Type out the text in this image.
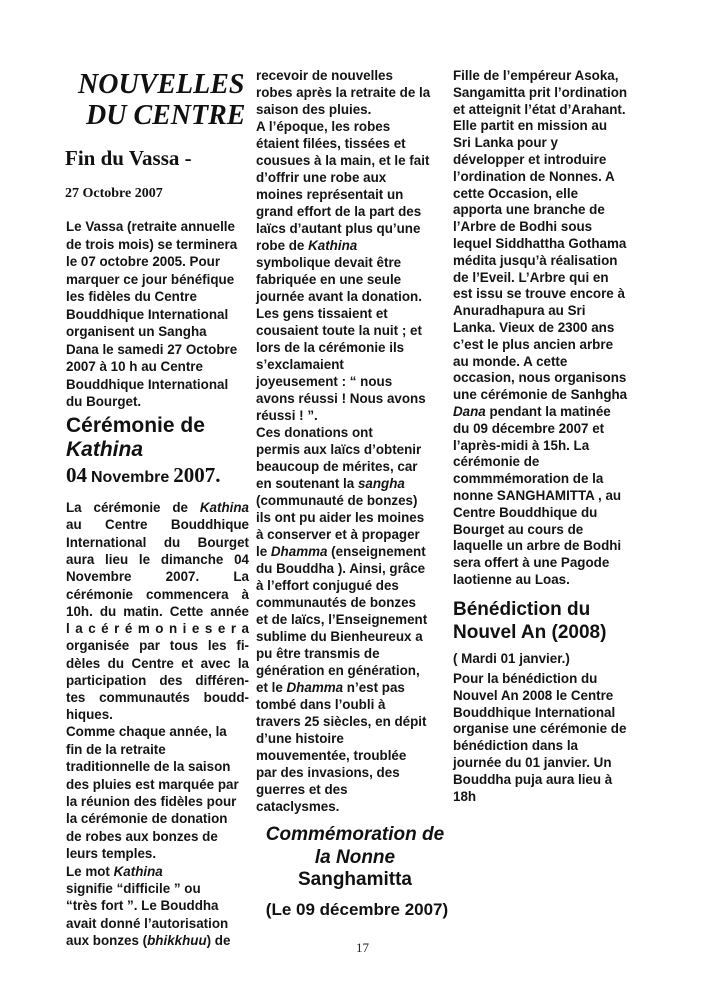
NOUVELLES
DU CENTRE
Fin du Vassa -
27 Octobre 2007
Le Vassa (retraite annuelle
de trois mois) se terminera
le 07 octobre 2005. Pour
marquer ce jour bénéfique
les fidèles du Centre
Bouddhique International
organisent un Sangha
Dana le samedi 27 Octobre
2007 à 10 h au Centre
Bouddhique International
du Bourget.
Cérémonie de
Kathina
04 Novembre 2007.
La cérémonie de Kathina
au Centre Bouddhique
International du Bourget
aura lieu le dimanche 04
Novembre 2007. La
cérémonie commencera à
10h. du matin. Cette année
l a c é r é m o n i e s e r a
organisée par tous les fi-
dèles du Centre et avec la
participation des différen-
tes communautés boudd-
hiques.
Comme chaque année, la
fin de la retraite
traditionnelle de la saison
des pluies est marquée par
la réunion des fidèles pour
la cérémonie de donation
de robes aux bonzes de
leurs temples.
Le mot Kathina
signifie “difficile ” ou
“très fort ”. Le Bouddha
avait donné l’autorisation
aux bonzes (bhikkhuu) de
recevoir de nouvelles
robes après la retraite de la
saison des pluies.
A l’époque, les robes
étaient filées, tissées et
cousues à la main, et le fait
d’offrir une robe aux
moines représentait un
grand effort de la part des
laïcs d’autant plus qu’une
robe de Kathina
symbolique devait être
fabriquée en une seule
journée avant la donation.
Les gens tissaient et
cousaient toute la nuit ; et
lors de la cérémonie ils
s’exclamaient
joyeusement : “ nous
avons réussi ! Nous avons
réussi ! ”.
Ces donations ont
permis aux laïcs d’obtenir
beaucoup de mérites, car
en soutenant la sangha
(communauté de bonzes)
ils ont pu aider les moines
à conserver et à propager
le Dhamma (enseignement
du Bouddha ). Ainsi, grâce
à l’effort conjugué des
communautés de bonzes
et de laïcs, l’Enseignement
sublime du Bienheureux a
pu être transmis de
génération en génération,
et le Dhamma n’est pas
tombé dans l’oubli à
travers 25 siècles, en dépit
d’une histoire
mouvementée, troublée
par des invasions, des
guerres et des
cataclysmes.
Commémoration de
la Nonne
Sanghamitta
(Le 09 décembre 2007)
Fille de l’empéreur Asoka,
Sangamitta prit l’ordination
et atteignit l’état d’Arahant.
Elle partit en mission au
Sri Lanka pour y
développer et introduire
l’ordination de Nonnes. A
cette Occasion, elle
apporta une branche de
l’Arbre de Bodhi sous
lequel Siddhattha Gothama
médita jusqu’à réalisation
de l’Eveil. L’Arbre qui en
est issu se trouve encore à
Anuradhapura au Sri
Lanka. Vieux de 2300 ans
c’est le plus ancien arbre
au monde. A cette
occasion, nous organisons
une cérémonie de Sanhgha
Dana pendant la matinée
du 09 décembre 2007 et
l’après-midi à 15h. La
cérémonie de
commmémoration de la
nonne SANGHAMITTA , au
Centre Bouddhique du
Bourget au cours de
laquelle un arbre de Bodhi
sera offert à une Pagode
laotienne au Loas.
Bénédiction du
Nouvel An (2008)
( Mardi 01 janvier.)
Pour la bénédiction du
Nouvel An 2008 le Centre
Bouddhique International
organise une cérémonie de
bénédiction dans la
journée du 01 janvier. Un
Bouddha puja aura lieu à
18h
17
